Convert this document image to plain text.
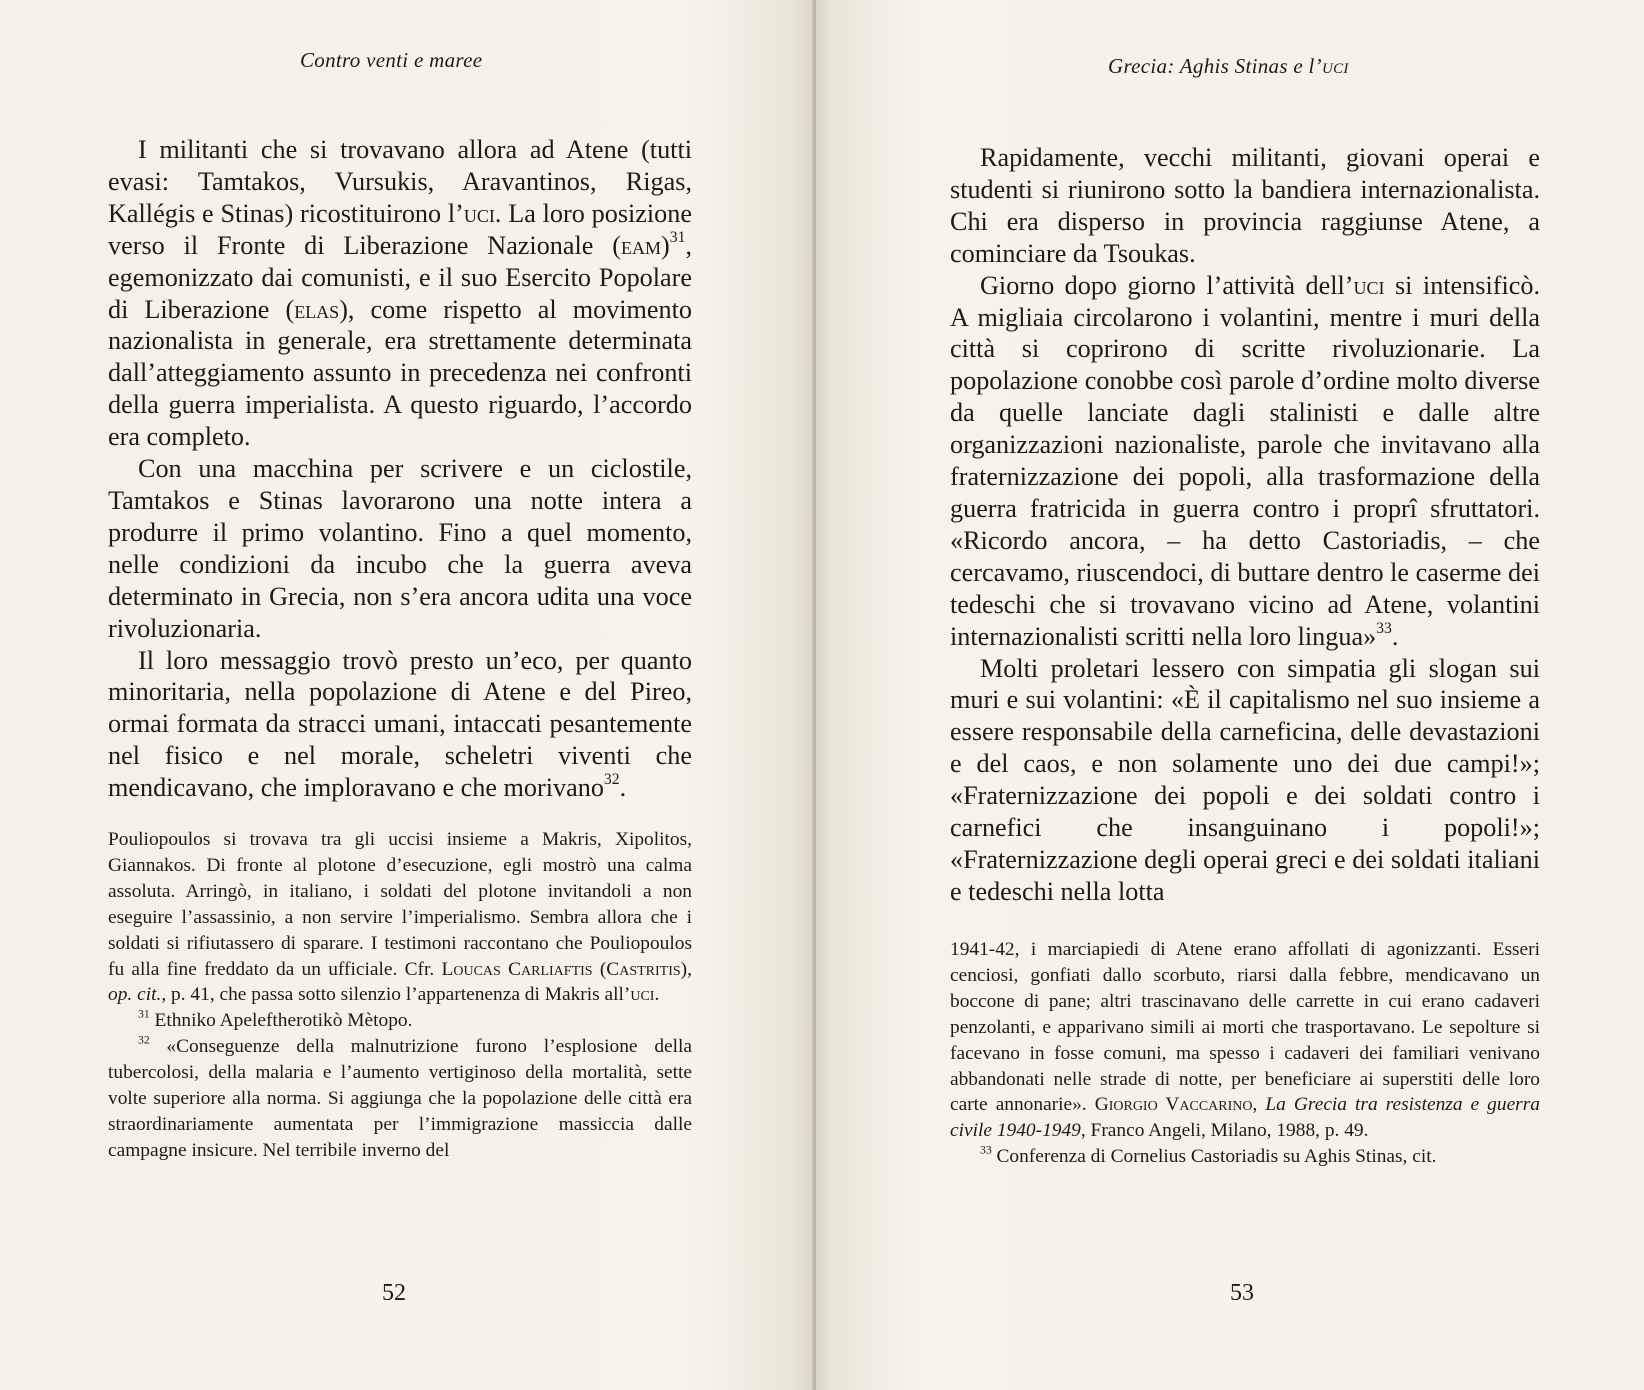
Contro venti e maree

I militanti che si trovavano allora ad Atene (tutti evasi: Tamtakos, Vursukis, Aravantinos, Rigas, Kallégis e Stinas) ricostituirono l’uci. La loro posizione verso il Fronte di Liberazione Nazionale (eam)$^{31}$, egemonizzato dai comunisti, e il suo Esercito Popolare di Liberazione (elas), come rispetto al movimento nazionalista in generale, era strettamente determinata dall’atteggiamento assunto in precedenza nei confronti della guerra imperialista. A questo riguardo, l’accordo era completo.

Con una macchina per scrivere e un ciclostile, Tamtakos e Stinas lavorarono una notte intera a produrre il primo volantino. Fino a quel momento, nelle condizioni da incubo che la guerra aveva determinato in Grecia, non s’era ancora udita una voce rivoluzionaria.

Il loro messaggio trovò presto un’eco, per quanto minoritaria, nella popolazione di Atene e del Pireo, ormai formata da stracci umani, intaccati pesantemente nel fisico e nel morale, scheletri viventi che mendicavano, che imploravano e che morivano$^{32}$.

Pouliopoulos si trovava tra gli uccisi insieme a Makris, Xipolitos, Giannakos. Di fronte al plotone d’esecuzione, egli mostrò una calma assoluta. Arringò, in italiano, i soldati del plotone invitandoli a non eseguire l’assassinio, a non servire l’imperialismo. Sembra allora che i soldati si rifiutassero di sparare. I testimoni raccontano che Pouliopoulos fu alla fine freddato da un ufficiale. Cfr. Loucas Carliaftis (Castritis), op. cit., p. 41, che passa sotto silenzio l’appartenenza di Makris all’uci.

$^{31}$ Ethniko Apeleftherotikò Mètopo.

$^{32}$ «Conseguenze della malnutrizione furono l’esplosione della tubercolosi, della malaria e l’aumento vertiginoso della mortalità, sette volte superiore alla norma. Si aggiunga che la popolazione delle città era straordinariamente aumentata per l’immigrazione massiccia dalle campagne insicure. Nel terribile inverno del

52
Grecia: Aghis Stinas e l’uci

Rapidamente, vecchi militanti, giovani operai e studenti si riunirono sotto la bandiera internazionalista. Chi era disperso in provincia raggiunse Atene, a cominciare da Tsoukas.

Giorno dopo giorno l’attività dell’uci si intensificò. A migliaia circolarono i volantini, mentre i muri della città si coprirono di scritte rivoluzionarie. La popolazione conobbe così parole d’ordine molto diverse da quelle lanciate dagli stalinisti e dalle altre organizzazioni nazionaliste, parole che invitavano alla fraternizzazione dei popoli, alla trasformazione della guerra fratricida in guerra contro i proprî sfruttatori. «Ricordo ancora, – ha detto Castoriadis, – che cercavamo, riuscendoci, di buttare dentro le caserme dei tedeschi che si trovavano vicino ad Atene, volantini internazionalisti scritti nella loro lingua»$^{33}$.

Molti proletari lessero con simpatia gli slogan sui muri e sui volantini: «È il capitalismo nel suo insieme a essere responsabile della carneficina, delle devastazioni e del caos, e non solamente uno dei due campi!»; «Fraternizzazione dei popoli e dei soldati contro i carnefici che insanguinano i popoli!»; «Fraternizzazione degli operai greci e dei soldati italiani e tedeschi nella lotta

1941-42, i marciapiedi di Atene erano affollati di agonizzanti. Esseri cenciosi, gonfiati dallo scorbuto, riarsi dalla febbre, mendicavano un boccone di pane; altri trascinavano delle carrette in cui erano cadaveri penzolanti, e apparivano simili ai morti che trasportavano. Le sepolture si facevano in fosse comuni, ma spesso i cadaveri dei familiari venivano abbandonati nelle strade di notte, per beneficiare ai superstiti delle loro carte annonarie». Giorgio Vaccarino, La Grecia tra resistenza e guerra civile 1940-1949, Franco Angeli, Milano, 1988, p. 49.

$^{33}$ Conferenza di Cornelius Castoriadis su Aghis Stinas, cit.

53
